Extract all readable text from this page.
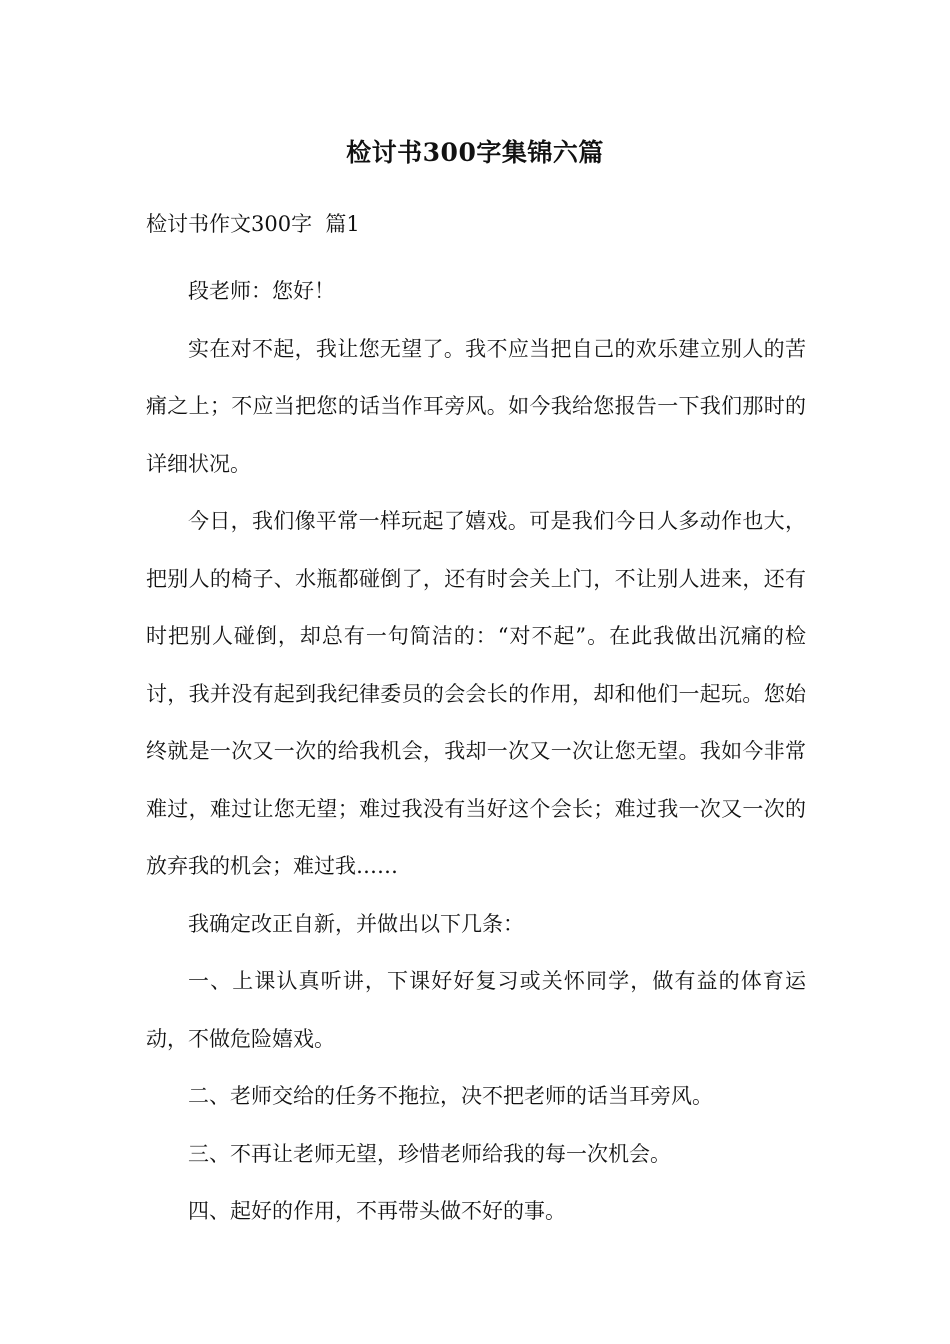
检讨书300字集锦六篇
检讨书作文300字  篇1

段老师：您好！

实在对不起，我让您无望了。我不应当把自己的欢乐建立别人的苦痛之上；不应当把您的话当作耳旁风。如今我给您报告一下我们那时的详细状况。

今日，我们像平常一样玩起了嬉戏。可是我们今日人多动作也大，把别人的椅子、水瓶都碰倒了，还有时会关上门，不让别人进来，还有时把别人碰倒，却总有一句简洁的：“对不起”。在此我做出沉痛的检讨，我并没有起到我纪律委员的会会长的作用，却和他们一起玩。您始终就是一次又一次的给我机会，我却一次又一次让您无望。我如今非常难过，难过让您无望；难过我没有当好这个会长；难过我一次又一次的放弃我的机会；难过我……

我确定改正自新，并做出以下几条：

一、上课认真听讲，下课好好复习或关怀同学，做有益的体育运动，不做危险嬉戏。

二、老师交给的任务不拖拉，决不把老师的话当耳旁风。

三、不再让老师无望，珍惜老师给我的每一次机会。

四、起好的作用，不再带头做不好的事。
